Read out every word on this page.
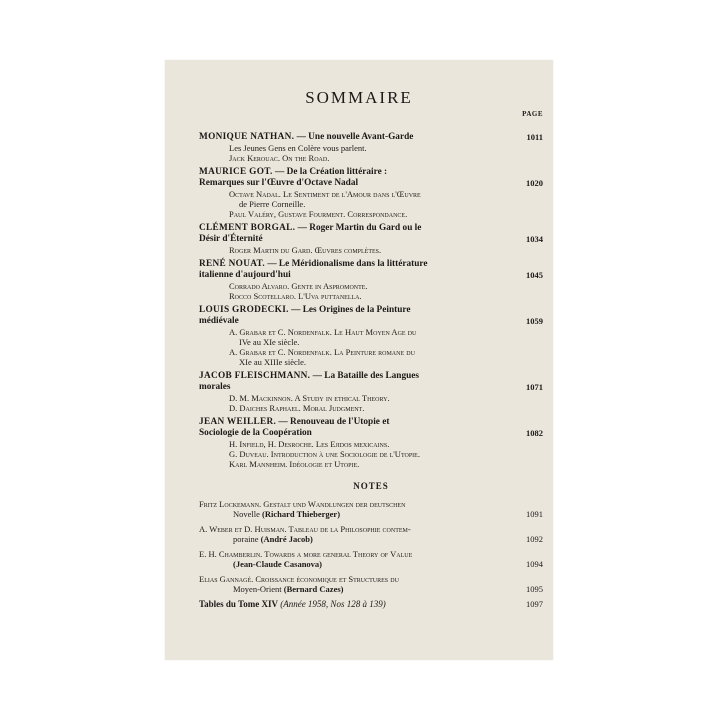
SOMMAIRE
PAGE
MONIQUE NATHAN. — Une nouvelle Avant-Garde	1011
Les Jeunes Gens en Colère vous parlent.
Jack Kerouac. On the Road.
MAURICE GOT. — De la Création littéraire :
Remarques sur l'Œuvre d'Octave Nadal	1020
Octave Nadal. Le Sentiment de l'Amour dans l'Œuvre
de Pierre Corneille.
Paul Valéry, Gustave Fourment. Correspondance.
CLÉMENT BORGAL. — Roger Martin du Gard ou le
Désir d'Éternité	1034
Roger Martin du Gard. Œuvres complètes.
RENÉ NOUAT. — Le Méridionalisme dans la littérature
italienne d'aujourd'hui	1045
Corrado Alvaro. Gente in Aspromonte.
Rocco Scotellaro. L'Uva puttanella.
LOUIS GRODECKI. — Les Origines de la Peinture
médiévale	1059
A. Grabar et C. Nordenfalk. Le Haut Moyen Age du
IVe au XIe siècle.
A. Grabar et C. Nordenfalk. La Peinture romane du
XIe au XIIIe siècle.
JACOB FLEISCHMANN. — La Bataille des Langues
morales	1071
D. M. Mackinnon. A Study in ethical Theory.
D. Daiches Raphael. Moral Judgment.
JEAN WEILLER. — Renouveau de l'Utopie et
Sociologie de la Coopération	1082
H. Infield, H. Desroche. Les Ejidos mexicains.
G. Duveau. Introduction à une Sociologie de l'Utopie.
Karl Mannheim. Idéologie et Utopie.
NOTES
Fritz Lockemann. Gestalt und Wandlungen der deutschen
Novelle (Richard Thieberger)	1091
A. Weber et D. Huisman. Tableau de la Philosophie contem-
poraine (André Jacob)	1092
E. H. Chamberlin. Towards a more general Theory of Value
(Jean-Claude Casanova)	1094
Elias Gannagé. Croissance économique et Structures du
Moyen-Orient (Bernard Cazes)	1095
Tables du Tome XIV (Année 1958, Nos 128 à 139)	1097
